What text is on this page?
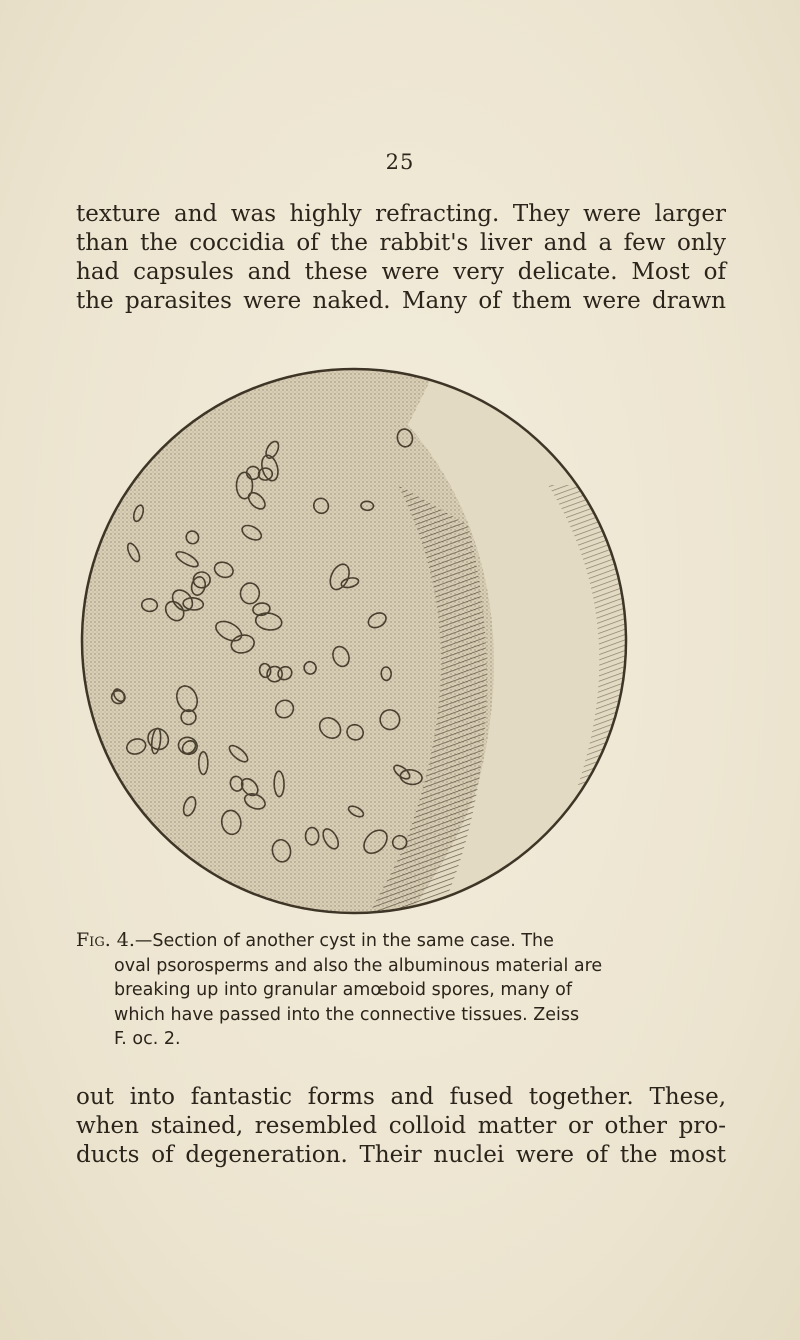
25
texture and was highly refracting. They were larger
than the coccidia of the rabbit's liver and a few only
had capsules and these were very delicate. Most of
the parasites were naked. Many of them were drawn
Fig. 4.—Section of another cyst in the same case. The
oval psorosperms and also the albuminous material are
breaking up into granular amœboid spores, many of
which have passed into the connective tissues. Zeiss
F. oc. 2.
out into fantastic forms and fused together. These,
when stained, resembled colloid matter or other pro-
ducts of degeneration. Their nuclei were of the most
